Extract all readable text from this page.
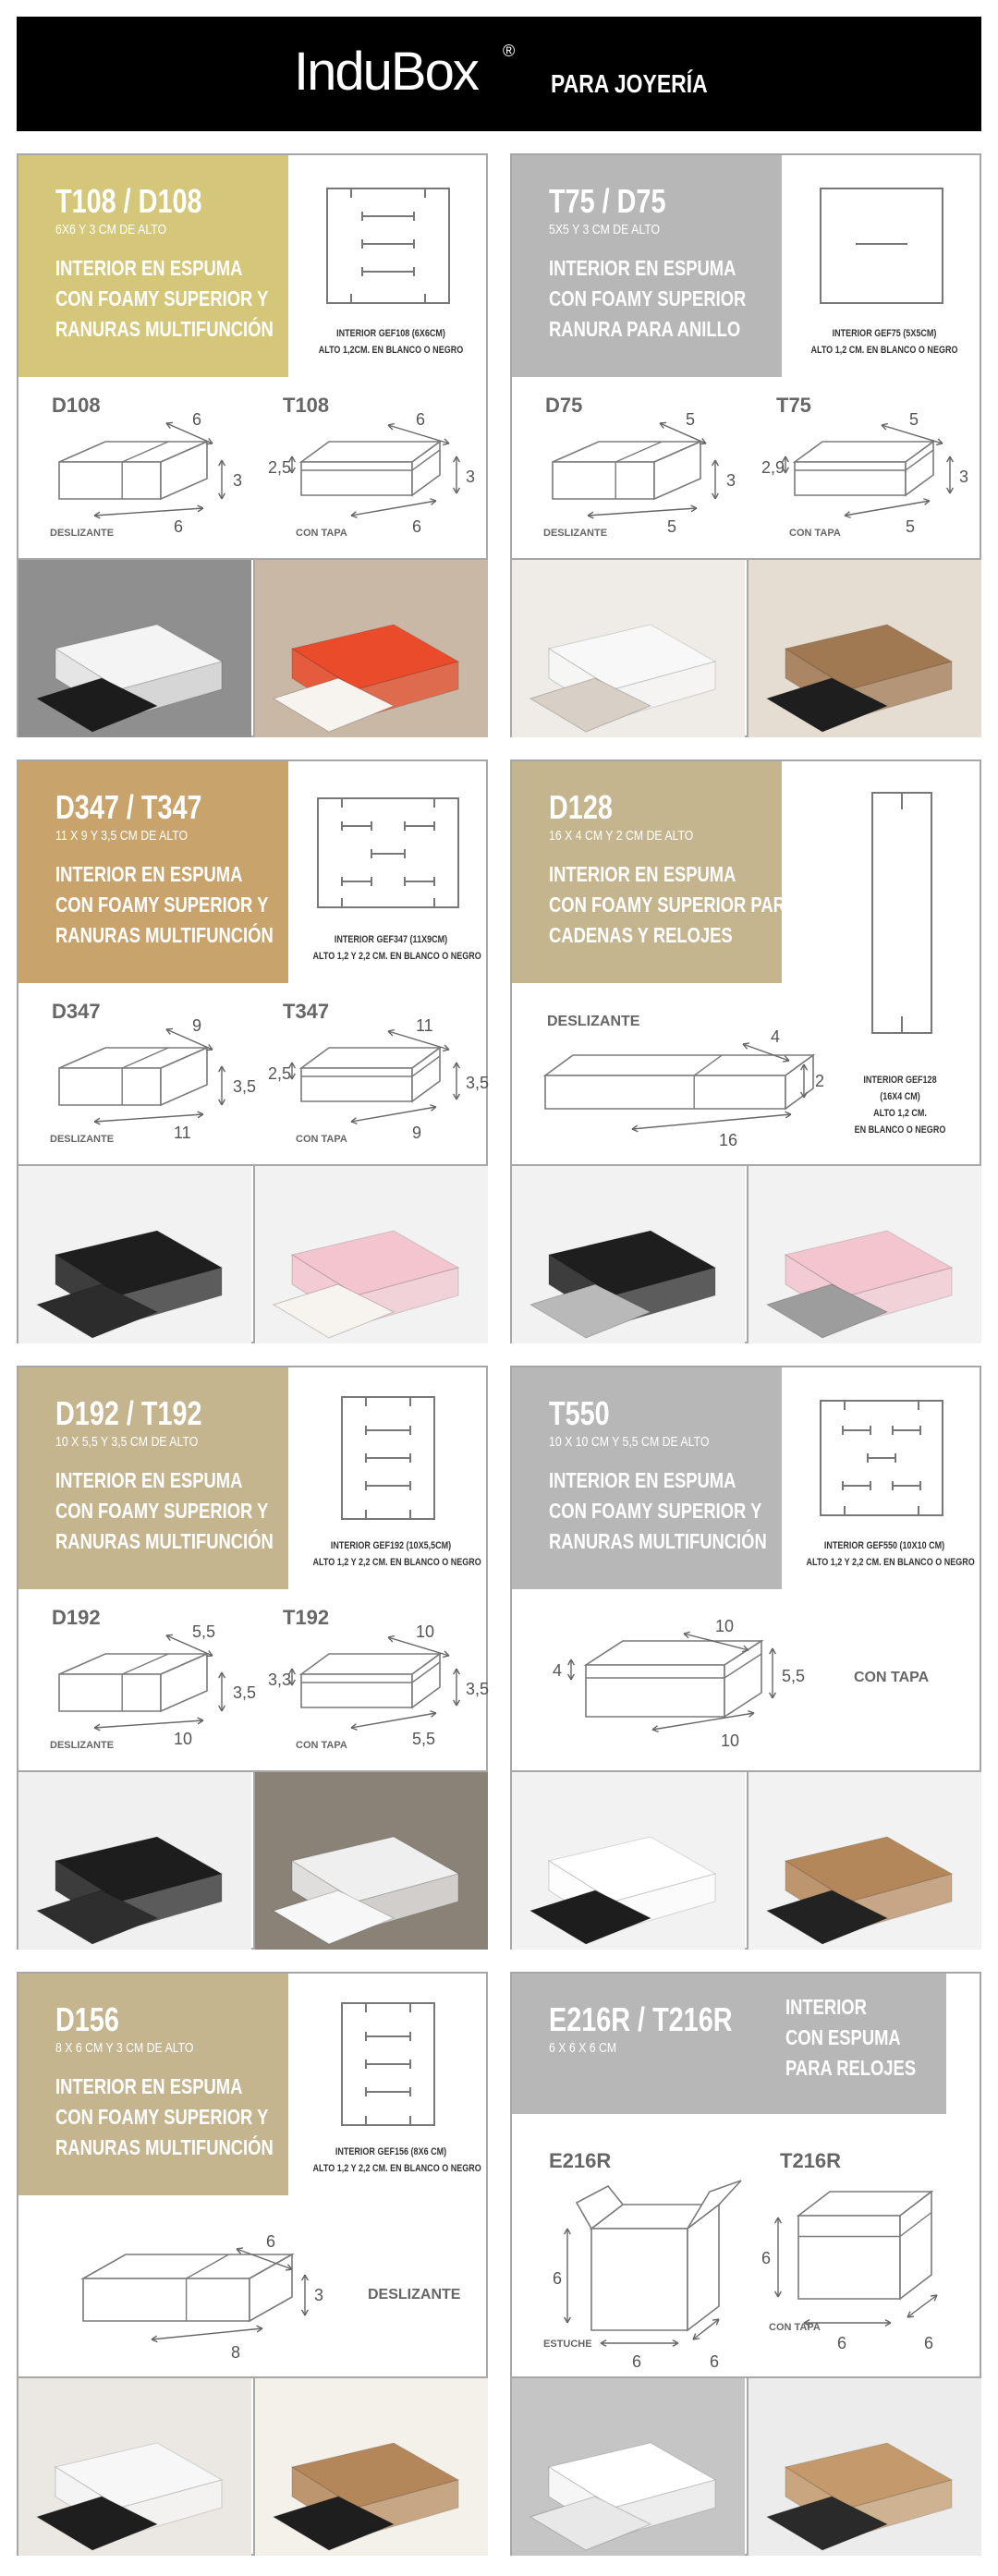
InduBox ®
PARA JOYERÍA
T108 / D108
6X6 Y 3 CM DE ALTO
INTERIOR EN ESPUMA
CON FOAMY SUPERIOR Y
RANURAS MULTIFUNCIÓN	INTERIOR GEF108 (6X6CM)
ALTO 1,2CM. EN BLANCO O NEGRO
D108
6
3
6
DESLIZANTE
T108
6
3
6
2,5
CON TAPA
T75 / D75
5X5 Y 3 CM DE ALTO
INTERIOR EN ESPUMA
CON FOAMY SUPERIOR
RANURA PARA ANILLO	INTERIOR GEF75 (5X5CM)
ALTO 1,2 CM. EN BLANCO O NEGRO
D75
5
3
5
DESLIZANTE
T75
5
3
5
2,9
CON TAPA
D347 / T347
11 X 9 Y 3,5 CM DE ALTO
INTERIOR EN ESPUMA
CON FOAMY SUPERIOR Y
RANURAS MULTIFUNCIÓN	INTERIOR GEF347 (11X9CM)
ALTO 1,2 Y 2,2 CM. EN BLANCO O NEGRO
D347
9
3,5
11
DESLIZANTE
T347
11
3,5
9
2,5
CON TAPA
D128
16 X 4 CM Y 2 CM DE ALTO
INTERIOR EN ESPUMA
CON FOAMY SUPERIOR PARA
CADENAS Y RELOJES
INTERIOR GEF128
(16X4 CM)
ALTO 1,2 CM.
EN BLANCO O NEGRO
DESLIZANTE
4
2
16
D192 / T192
10 X 5,5 Y 3,5 CM DE ALTO
INTERIOR EN ESPUMA
CON FOAMY SUPERIOR Y
RANURAS MULTIFUNCIÓN	INTERIOR GEF192 (10X5,5CM)
ALTO 1,2 Y 2,2 CM. EN BLANCO O NEGRO
D192
5,5
3,5
10
DESLIZANTE
T192
10
3,5
5,5
3,3
CON TAPA
T550
10 X 10 CM Y 5,5 CM DE ALTO
INTERIOR EN ESPUMA
CON FOAMY SUPERIOR Y
RANURAS MULTIFUNCIÓN	INTERIOR GEF550 (10X10 CM)
ALTO 1,2 Y 2,2 CM. EN BLANCO O NEGRO
10
5,5
10
4	CON TAPA
D156
8 X 6 CM Y 3 CM DE ALTO
INTERIOR EN ESPUMA
CON FOAMY SUPERIOR Y
RANURAS MULTIFUNCIÓN	INTERIOR GEF156 (8X6 CM)
ALTO 1,2 Y 2,2 CM. EN BLANCO O NEGRO
6
3
8
DESLIZANTE
E216R / T216R
6 X 6 X 6 CM
INTERIOR
CON ESPUMA
PARA RELOJES
E216R
6
6	6
ESTUCHE
T216R
6
6	6
CON TAPA
